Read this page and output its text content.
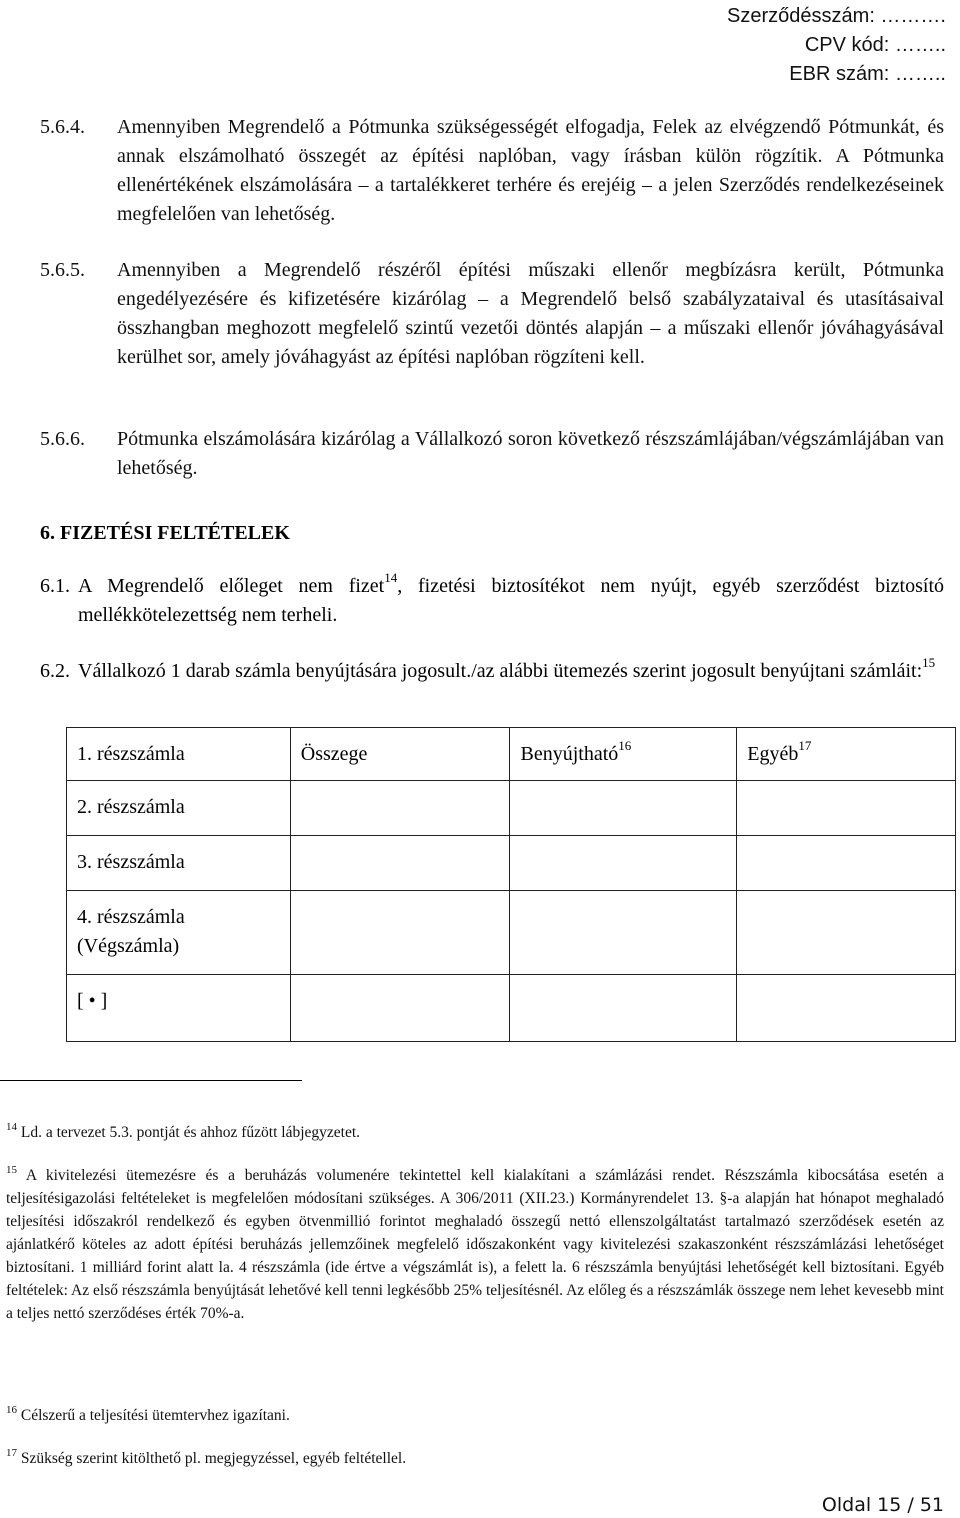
Szerződésszám: ……….
CPV kód: ……..
EBR szám: ……..
5.6.4. Amennyiben Megrendelő a Pótmunka szükségességét elfogadja, Felek az elvégzendő Pótmunkát, és annak elszámolható összegét az építési naplóban, vagy írásban külön rögzítik. A Pótmunka ellenértékének elszámolására – a tartalékkeret terhére és erejéig – a jelen Szerződés rendelkezéseinek megfelelően van lehetőség.
5.6.5. Amennyiben a Megrendelő részéről építési műszaki ellenőr megbízásra került, Pótmunka engedélyezésére és kifizetésére kizárólag – a Megrendelő belső szabályzataival és utasításaival összhangban meghozott megfelelő szintű vezetői döntés alapján – a műszaki ellenőr jóváhagyásával kerülhet sor, amely jóváhagyást az építési naplóban rögzíteni kell.
5.6.6. Pótmunka elszámolására kizárólag a Vállalkozó soron következő részszámlájában/végszámlájában van lehetőség.
6. FIZETÉSI FELTÉTELEK
6.1. A Megrendelő előleget nem fizet$^{14}$, fizetési biztosítékot nem nyújt, egyéb szerződést biztosító mellékkötelezettség nem terheli.
6.2. Vállalkozó 1 darab számla benyújtására jogosult./az alábbi ütemezés szerint jogosult benyújtani számláit:$^{15}$
1. részszámla	Összege	Benyújtható$^{16}$	Egyéb$^{17}$
2. részszámla			
3. részszámla			
4. részszámla (Végszámla)			
[ • ]			
$^{14}$ Ld. a tervezet 5.3. pontját és ahhoz fűzött lábjegyzetet.
$^{15}$ A kivitelezési ütemezésre és a beruházás volumenére tekintettel kell kialakítani a számlázási rendet. Részszámla kibocsátása esetén a teljesítésigazolási feltételeket is megfelelően módosítani szükséges. A 306/2011 (XII.23.) Kormányrendelet 13. §-a alapján hat hónapot meghaladó teljesítési időszakról rendelkező és egyben ötvenmillió forintot meghaladó összegű nettó ellenszolgáltatást tartalmazó szerződések esetén az ajánlatkérő köteles az adott építési beruházás jellemzőinek megfelelő időszakonként vagy kivitelezési szakaszonként részszámlázási lehetőséget biztosítani. 1 milliárd forint alatt la. 4 részszámla (ide értve a végszámlát is), a felett la. 6 részszámla benyújtási lehetőségét kell biztosítani. Egyéb feltételek: Az első részszámla benyújtását lehetővé kell tenni legkésőbb 25% teljesítésnél. Az előleg és a részszámlák összege nem lehet kevesebb mint a teljes nettó szerződéses érték 70%-a.
$^{16}$ Célszerű a teljesítési ütemtervhez igazítani.
$^{17}$ Szükség szerint kitölthető pl. megjegyzéssel, egyéb feltétellel.
Oldal 15 / 51
